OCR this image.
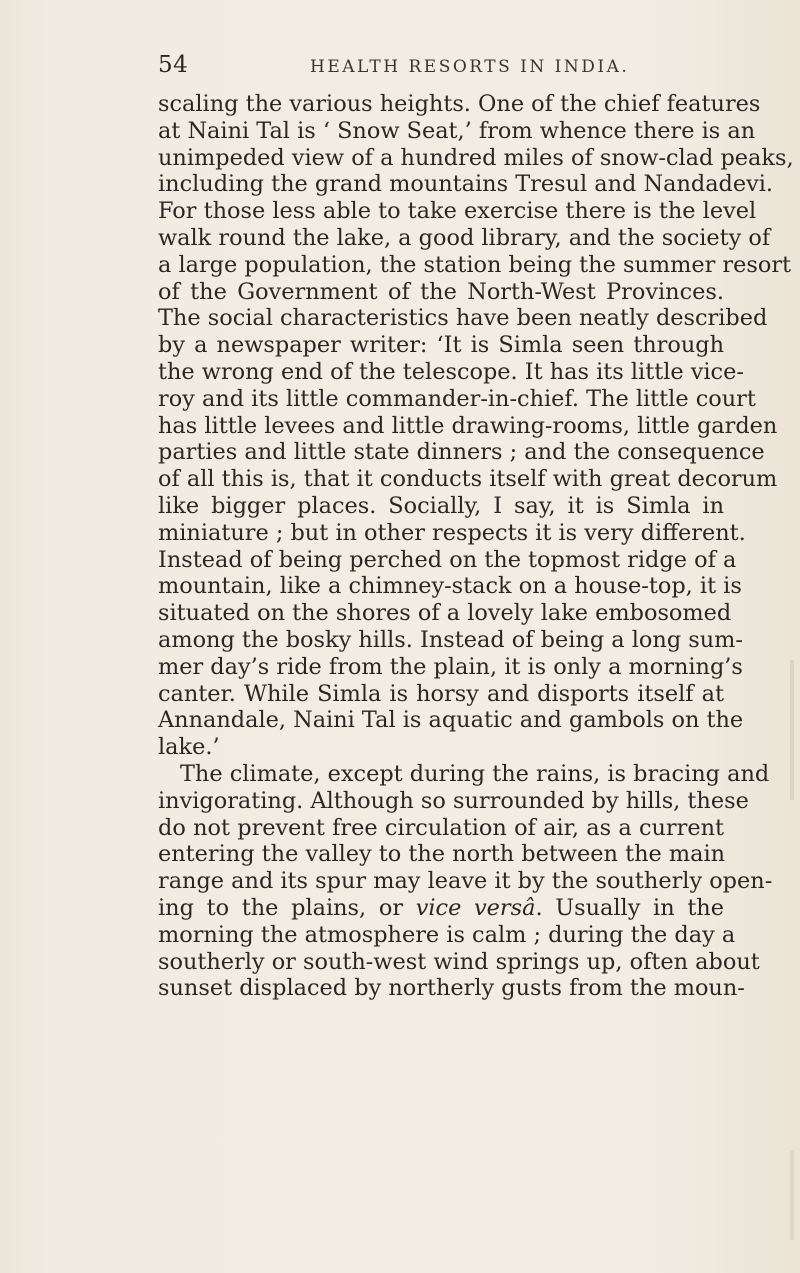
54	HEALTH RESORTS IN INDIA.
scaling the various heights. One of the chief features
at Naini Tal is ‘ Snow Seat,’ from whence there is an
unimpeded view of a hundred miles of snow-clad peaks,
including the grand mountains Tresul and Nandadevi.
For those less able to take exercise there is the level
walk round the lake, a good library, and the society of
a large population, the station being the summer resort
of the Government of the North-West Provinces.
The social characteristics have been neatly described
by a newspaper writer: ‘It is Simla seen through
the wrong end of the telescope. It has its little vice-
roy and its little commander-in-chief. The little court
has little levees and little drawing-rooms, little garden
parties and little state dinners ; and the consequence
of all this is, that it conducts itself with great decorum
like bigger places. Socially, I say, it is Simla in
miniature ; but in other respects it is very different.
Instead of being perched on the topmost ridge of a
mountain, like a chimney-stack on a house-top, it is
situated on the shores of a lovely lake embosomed
among the bosky hills. Instead of being a long sum-
mer day’s ride from the plain, it is only a morning’s
canter. While Simla is horsy and disports itself at
Annandale, Naini Tal is aquatic and gambols on the
lake.’
The climate, except during the rains, is bracing and
invigorating. Although so surrounded by hills, these
do not prevent free circulation of air, as a current
entering the valley to the north between the main
range and its spur may leave it by the southerly open-
ing to the plains, or vice versâ. Usually in the
morning the atmosphere is calm ; during the day a
southerly or south-west wind springs up, often about
sunset displaced by northerly gusts from the moun-
